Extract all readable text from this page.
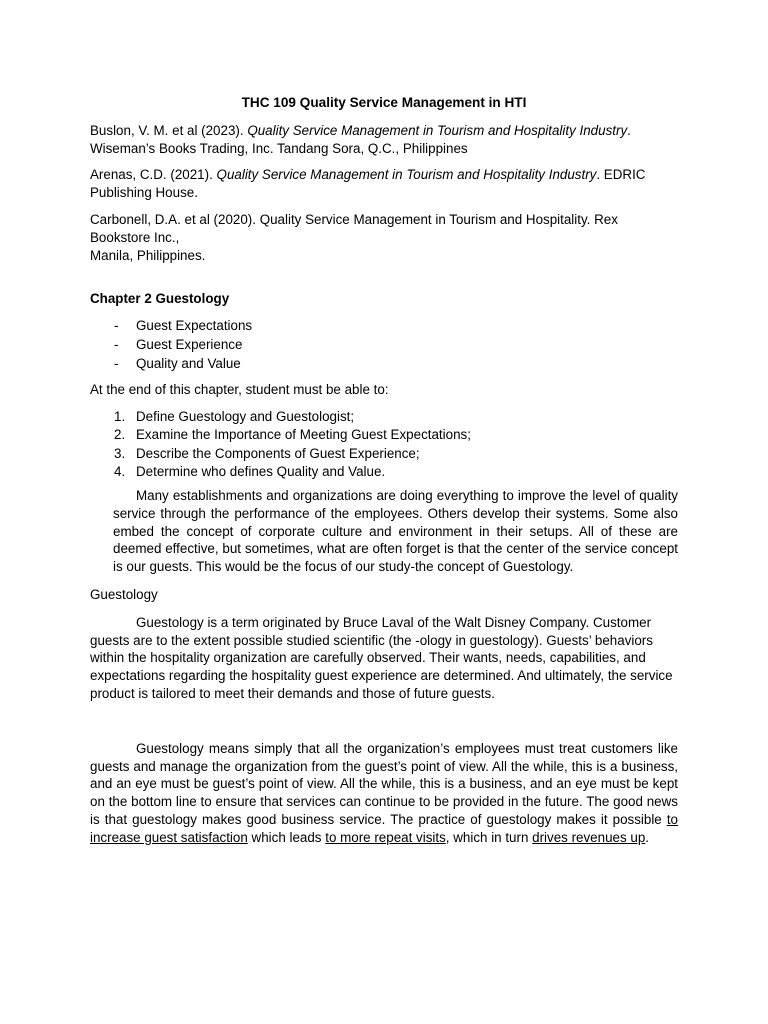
THC 109 Quality Service Management in HTI

Buslon, V. M. et al (2023). Quality Service Management in Tourism and Hospitality Industry. Wiseman’s Books Trading, Inc. Tandang Sora, Q.C., Philippines

Arenas, C.D. (2021). Quality Service Management in Tourism and Hospitality Industry. EDRIC Publishing House.

Carbonell, D.A. et al (2020). Quality Service Management in Tourism and Hospitality. Rex Bookstore Inc.,
Manila, Philippines.

Chapter 2 Guestology

- Guest Expectations
- Guest Experience
- Quality and Value

At the end of this chapter, student must be able to:

1. Define Guestology and Guestologist;
2. Examine the Importance of Meeting Guest Expectations;
3. Describe the Components of Guest Experience;
4. Determine who defines Quality and Value.

Many establishments and organizations are doing everything to improve the level of quality service through the performance of the employees. Others develop their systems. Some also embed the concept of corporate culture and environment in their setups. All of these are deemed effective, but sometimes, what are often forget is that the center of the service concept is our guests. This would be the focus of our study-the concept of Guestology.

Guestology

Guestology is a term originated by Bruce Laval of the Walt Disney Company. Customer guests are to the extent possible studied scientific (the -ology in guestology). Guests’ behaviors within the hospitality organization are carefully observed. Their wants, needs, capabilities, and expectations regarding the hospitality guest experience are determined. And ultimately, the service product is tailored to meet their demands and those of future guests.

Guestology means simply that all the organization’s employees must treat customers like guests and manage the organization from the guest’s point of view. All the while, this is a business, and an eye must be guest’s point of view. All the while, this is a business, and an eye must be kept on the bottom line to ensure that services can continue to be provided in the future. The good news is that guestology makes good business service. The practice of guestology makes it possible to increase guest satisfaction which leads to more repeat visits, which in turn drives revenues up.
